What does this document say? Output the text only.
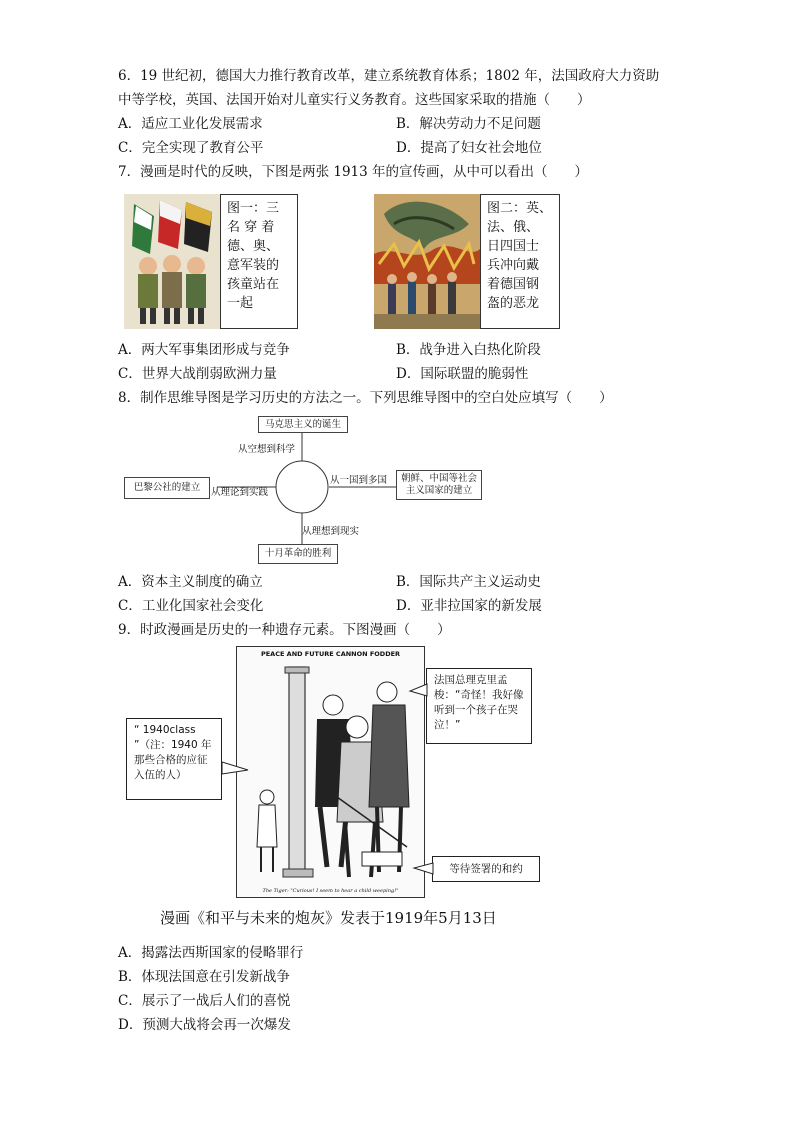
6．19 世纪初，德国大力推行教育改革，建立系统教育体系；1802 年，法国政府大力资助
中等学校，英国、法国开始对儿童实行义务教育。这些国家采取的措施（　　）
A．适应工业化发展需求	B．解决劳动力不足问题
C．完全实现了教育公平	D．提高了妇女社会地位
7．漫画是时代的反映，下图是两张 1913 年的宣传画，从中可以看出（　　）
图一：三
名 穿 着
德、奥、
意军装的
孩童站在
一起
图二：英、
法、俄、
日四国士
兵冲向戴
着德国钢
盔的恶龙
A．两大军事集团形成与竞争	B．战争进入白热化阶段
C．世界大战削弱欧洲力量	D．国际联盟的脆弱性
8．制作思维导图是学习历史的方法之一。下列思维导图中的空白处应填写（　　）
马克思主义的诞生
从空想到科学
巴黎公社的建立	从理论到实践
从一国到多国	朝鲜、中国等社会主义国家的建立
从理想到现实
十月革命的胜利
A．资本主义制度的确立	B．国际共产主义运动史
C．工业化国家社会变化	D．亚非拉国家的新发展
9．时政漫画是历史的一种遗存元素。下图漫画（　　）
PEACE AND FUTURE CANNON FODDER
The Tiger: "Curious! I seem to hear a child weeping!"
“ 1940class ”（注：1940 年那些合格的应征入伍的人）
法国总理克里孟梭：“奇怪！我好像听到一个孩子在哭泣！”
等待签署的和约
漫画《和平与未来的炮灰》发表于1919年5月13日
A．揭露法西斯国家的侵略罪行
B．体现法国意在引发新战争
C．展示了一战后人们的喜悦
D．预测大战将会再一次爆发
